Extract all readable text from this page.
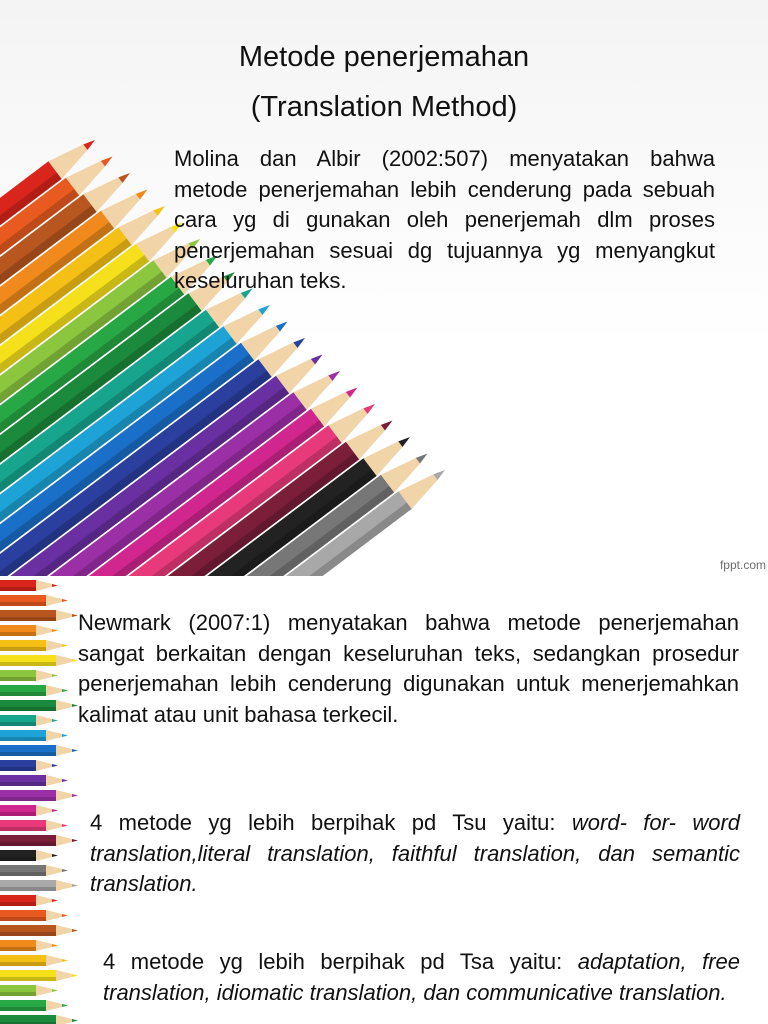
Metode penerjemahan
(Translation Method)
Molina dan Albir (2002:507) menyatakan bahwa metode penerjemahan lebih cenderung pada sebuah cara yg di gunakan oleh penerjemah dlm proses penerjemahan sesuai dg tujuannya yg menyangkut keseluruhan teks.
fppt.com
Newmark (2007:1) menyatakan bahwa metode penerjemahan sangat berkaitan dengan keseluruhan teks, sedangkan prosedur penerjemahan lebih cenderung digunakan untuk menerjemahkan kalimat atau unit bahasa terkecil.
4 metode yg lebih berpihak pd Tsu yaitu: word- for- word translation,literal translation, faithful translation, dan semantic translation.
4 metode yg lebih berpihak pd Tsa yaitu: adaptation, free translation, idiomatic translation, dan communicative translation.
